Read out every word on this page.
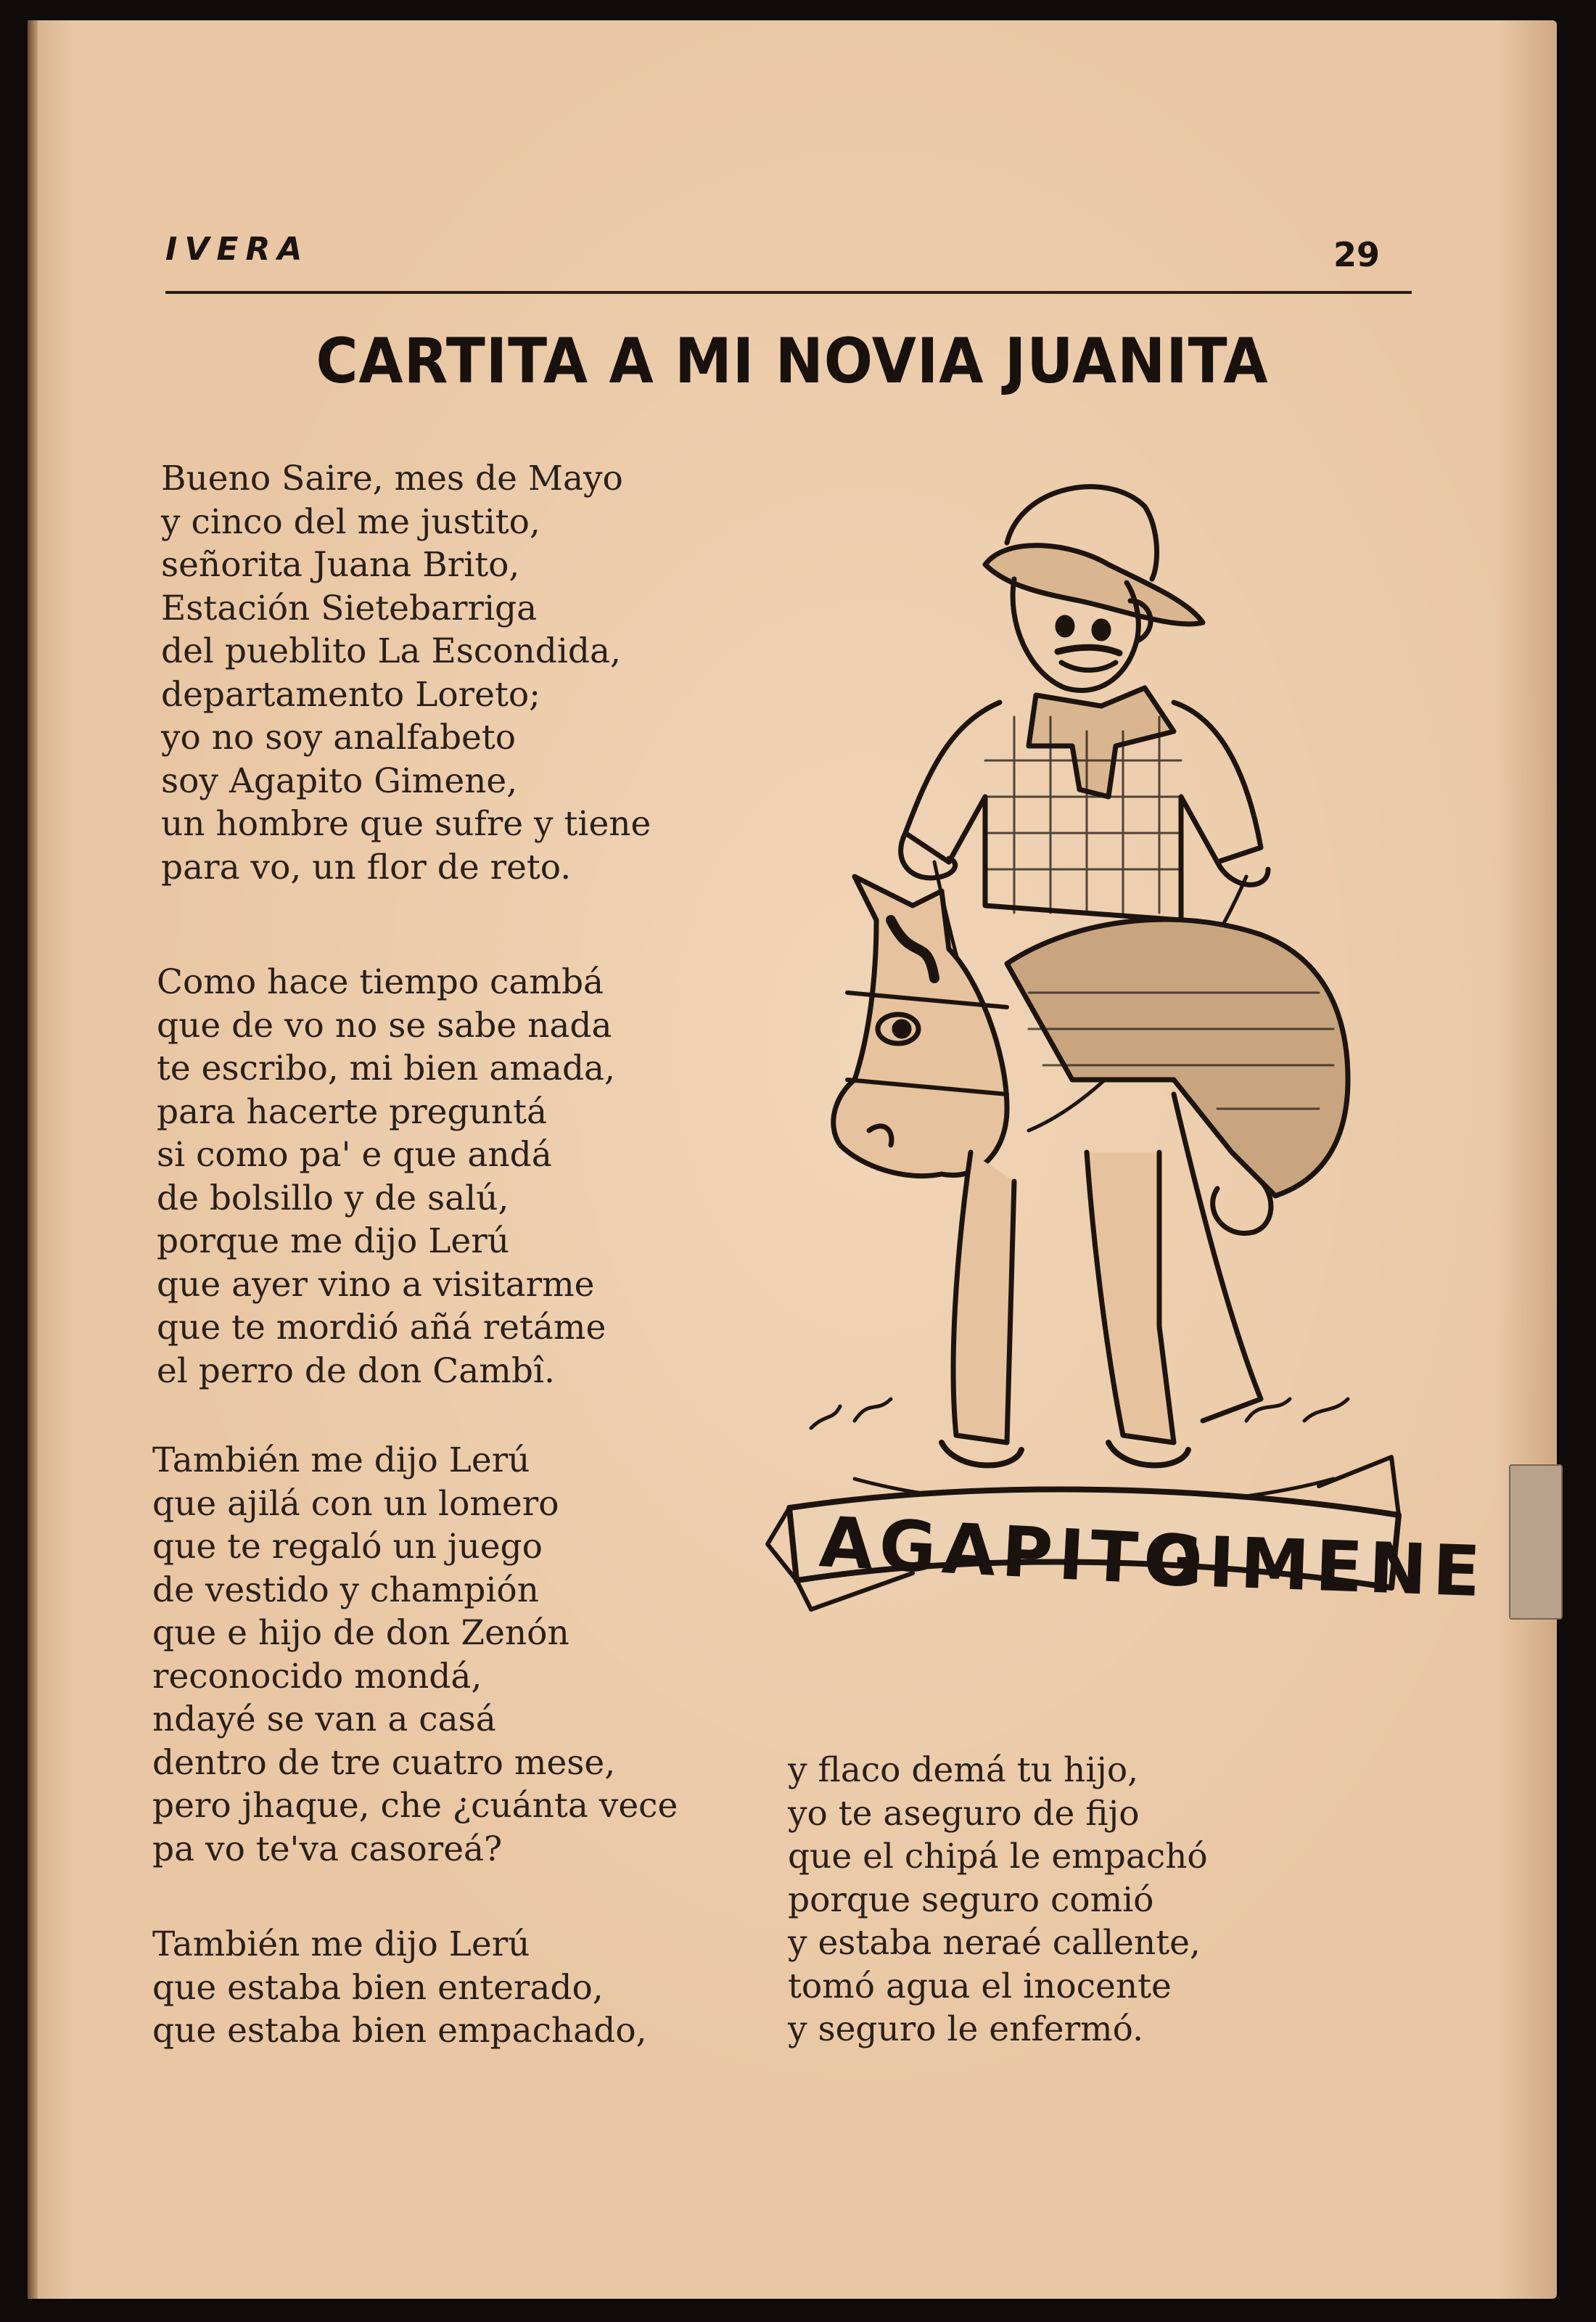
IVERA	29
CARTITA A MI NOVIA JUANITA

Bueno Saire, mes de Mayo
y cinco del me justito,
señorita Juana Brito,
Estación Sietebarriga
del pueblito La Escondida,
departamento Loreto;
yo no soy analfabeto
soy Agapito Gimene,
un hombre que sufre y tiene
para vo, un flor de reto.

Como hace tiempo cambá
que de vo no se sabe nada
te escribo, mi bien amada,
para hacerte preguntá
si como pa' e que andá
de bolsillo y de salú,
porque me dijo Lerú
que ayer vino a visitarme
que te mordió añá retáme
el perro de don Cambî.

También me dijo Lerú
que ajilá con un lomero
que te regaló un juego
de vestido y champión
que e hijo de don Zenón
reconocido mondá,
ndayé se van a casá
dentro de tre cuatro mese,
pero jhaque, che ¿cuánta vece
pa vo te'va casoreá?

También me dijo Lerú
que estaba bien enterado,
que estaba bien empachado,

y flaco demá tu hijo,
yo te aseguro de fijo
que el chipá le empachó
porque seguro comió
y estaba neraé callente,
tomó agua el inocente
y seguro le enfermó.

AGAPITO
GIMENE
